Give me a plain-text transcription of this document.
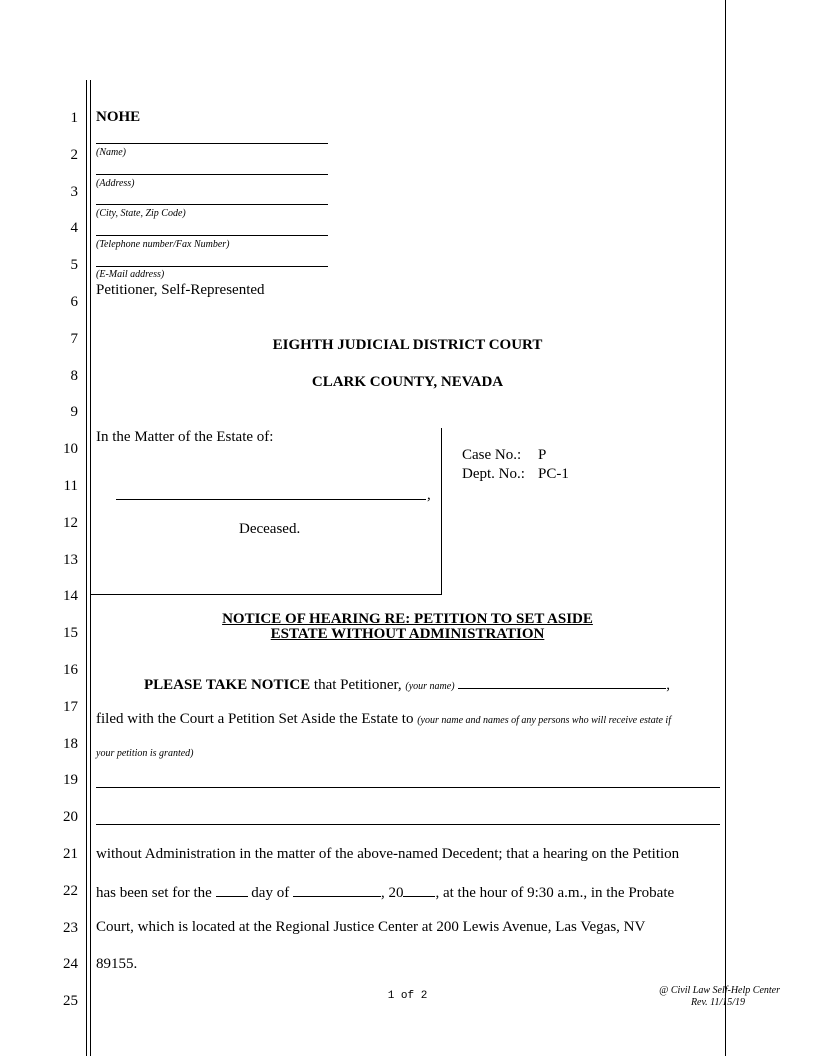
1
2
3
4
5
6
7
8
9
10
11
12
13
14
15
16
17
18
19
20
21
22
23
24
25
NOHE
(Name)
(Address)
(City, State, Zip Code)
(Telephone number/Fax Number)
(E-Mail address)
Petitioner, Self-Represented
EIGHTH JUDICIAL DISTRICT COURT
CLARK COUNTY, NEVADA
In the Matter of the Estate of:
,
Deceased.
Case No.: P
Dept. No.: PC-1
NOTICE OF HEARING RE: PETITION TO SET ASIDE
ESTATE WITHOUT ADMINISTRATION
PLEASE TAKE NOTICE that Petitioner, (your name)	,
filed with the Court a Petition Set Aside the Estate to (your name and names of any persons who will receive estate if
your petition is granted)
without Administration in the matter of the above-named Decedent; that a hearing on the Petition
has been set for the	day of	, 20 , at the hour of 9:30 a.m., in the Probate
Court, which is located at the Regional Justice Center at 200 Lewis Avenue, Las Vegas, NV
89155.
1 of 2	@ Civil Law Self-Help Center
Rev. 11/15/19
